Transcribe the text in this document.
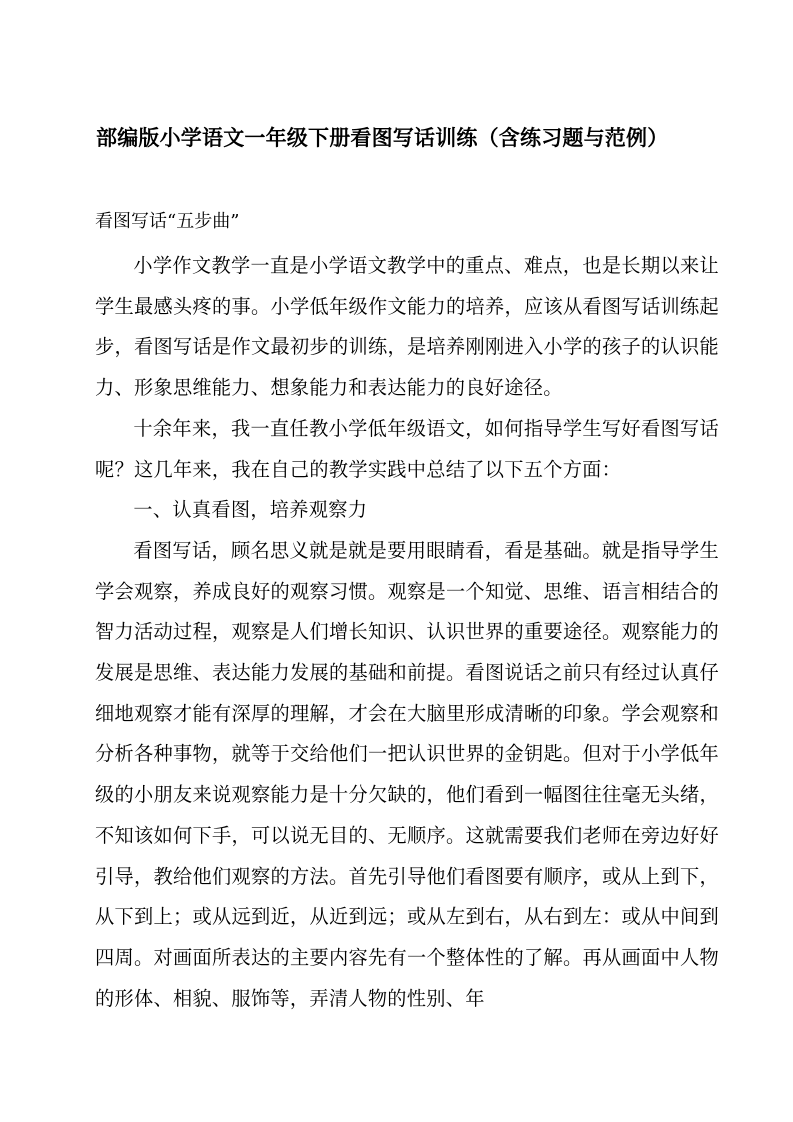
部编版小学语文一年级下册看图写话训练（含练习题与范例）
看图写话“五步曲”

小学作文教学一直是小学语文教学中的重点、难点，也是长期以来让学生最感头疼的事。小学低年级作文能力的培养，应该从看图写话训练起步，看图写话是作文最初步的训练，是培养刚刚进入小学的孩子的认识能力、形象思维能力、想象能力和表达能力的良好途径。

十余年来，我一直任教小学低年级语文，如何指导学生写好看图写话呢？这几年来，我在自己的教学实践中总结了以下五个方面：

一、认真看图，培养观察力

看图写话，顾名思义就是就是要用眼睛看，看是基础。就是指导学生学会观察，养成良好的观察习惯。观察是一个知觉、思维、语言相结合的智力活动过程，观察是人们增长知识、认识世界的重要途径。观察能力的发展是思维、表达能力发展的基础和前提。看图说话之前只有经过认真仔细地观察才能有深厚的理解，才会在大脑里形成清晰的印象。学会观察和分析各种事物，就等于交给他们一把认识世界的金钥匙。但对于小学低年级的小朋友来说观察能力是十分欠缺的，他们看到一幅图往往毫无头绪，不知该如何下手，可以说无目的、无顺序。这就需要我们老师在旁边好好引导，教给他们观察的方法。首先引导他们看图要有顺序，或从上到下，从下到上；或从远到近，从近到远；或从左到右，从右到左：或从中间到四周。对画面所表达的主要内容先有一个整体性的了解。再从画面中人物的形体、相貌、服饰等，弄清人物的性别、年
